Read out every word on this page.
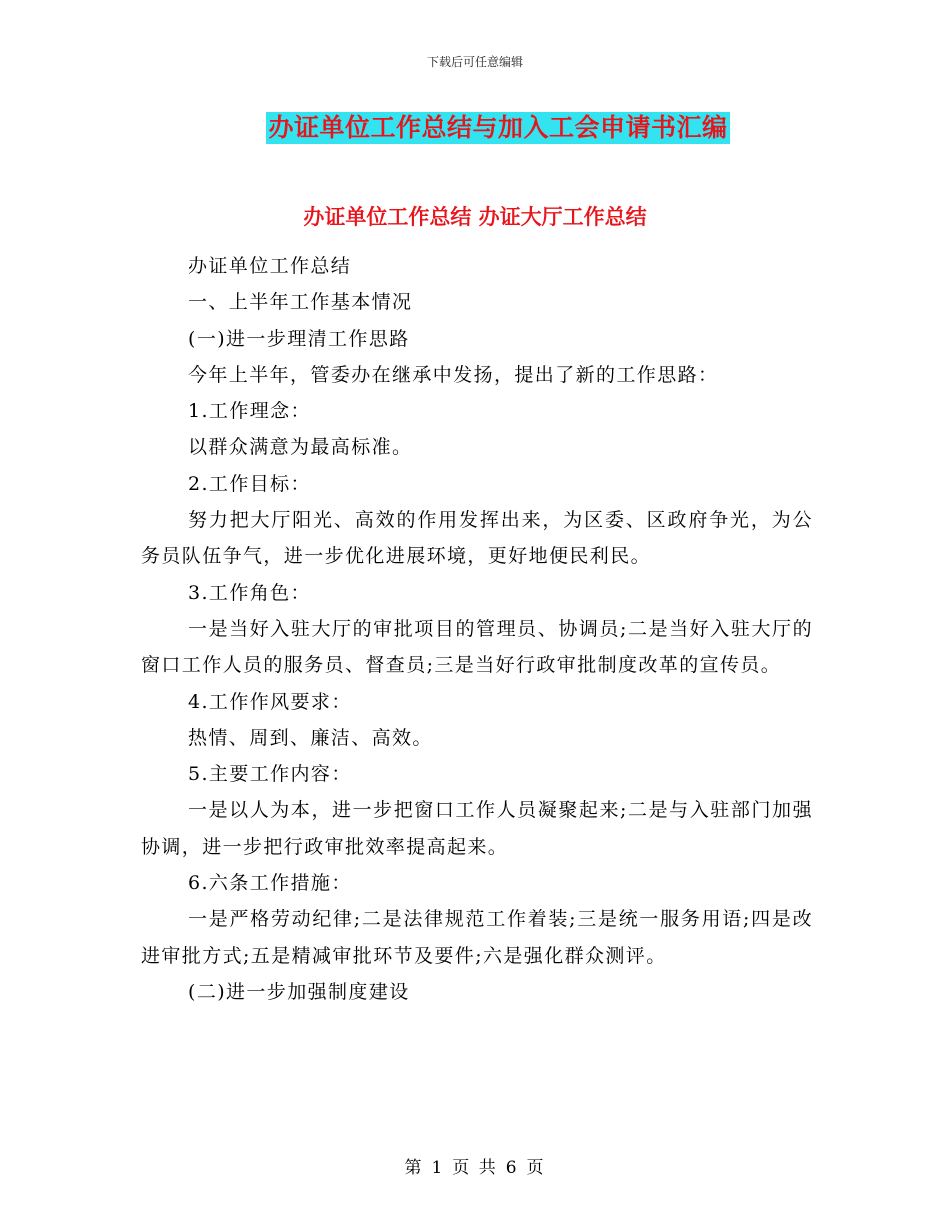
下载后可任意编辑
办证单位工作总结与加入工会申请书汇编
办证单位工作总结 办证大厅工作总结

办证单位工作总结

一、上半年工作基本情况

(一)进一步理清工作思路

今年上半年，管委办在继承中发扬，提出了新的工作思路：

1.工作理念：

以群众满意为最高标准。

2.工作目标：

努力把大厅阳光、高效的作用发挥出来，为区委、区政府争光，为公务员队伍争气，进一步优化进展环境，更好地便民利民。

3.工作角色：

一是当好入驻大厅的审批项目的管理员、协调员;二是当好入驻大厅的窗口工作人员的服务员、督查员;三是当好行政审批制度改革的宣传员。

4.工作作风要求：

热情、周到、廉洁、高效。

5.主要工作内容：

一是以人为本，进一步把窗口工作人员凝聚起来;二是与入驻部门加强协调，进一步把行政审批效率提高起来。

6.六条工作措施：

一是严格劳动纪律;二是法律规范工作着装;三是统一服务用语;四是改进审批方式;五是精减审批环节及要件;六是强化群众测评。

(二)进一步加强制度建设

第 1 页 共 6 页
